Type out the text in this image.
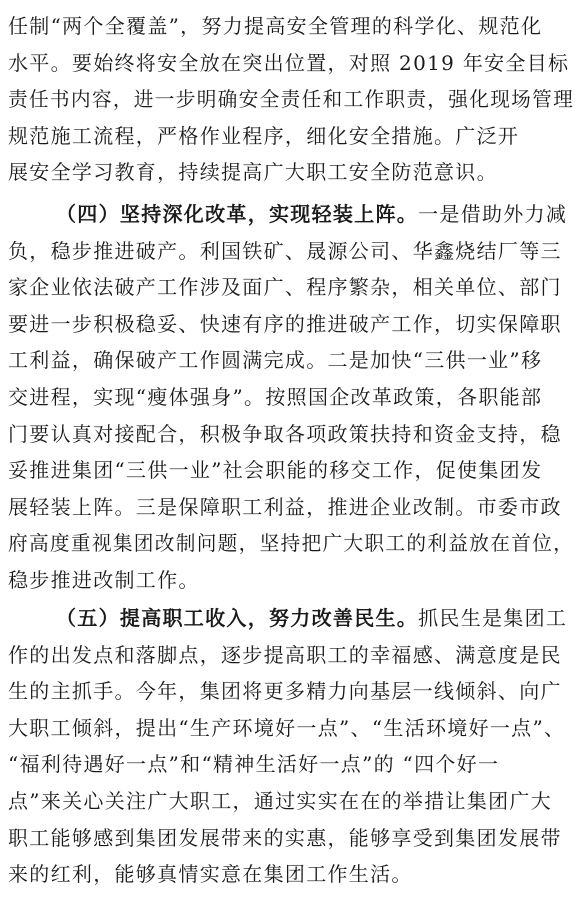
任制“两个全覆盖”，努力提高安全管理的科学化、规范化
水平。要始终将安全放在突出位置，对照 2019 年安全目标
责任书内容，进一步明确安全责任和工作职责，强化现场管理
规范施工流程，严格作业程序，细化安全措施。广泛开
展安全学习教育，持续提高广大职工安全防范意识。
（四）坚持深化改革，实现轻装上阵。一是借助外力减
负，稳步推进破产。利国铁矿、晟源公司、华鑫烧结厂等三
家企业依法破产工作涉及面广、程序繁杂，相关单位、部门
要进一步积极稳妥、快速有序的推进破产工作，切实保障职
工利益，确保破产工作圆满完成。二是加快“三供一业”移
交进程，实现“瘦体强身”。按照国企改革政策，各职能部
门要认真对接配合，积极争取各项政策扶持和资金支持，稳
妥推进集团“三供一业”社会职能的移交工作，促使集团发
展轻装上阵。三是保障职工利益，推进企业改制。市委市政
府高度重视集团改制问题，坚持把广大职工的利益放在首位，
稳步推进改制工作。
（五）提高职工收入，努力改善民生。抓民生是集团工
作的出发点和落脚点，逐步提高职工的幸福感、满意度是民
生的主抓手。今年，集团将更多精力向基层一线倾斜、向广
大职工倾斜，提出“生产环境好一点”、“生活环境好一点”、
“福利待遇好一点”和“精神生活好一点”的 “四个好一
点”来关心关注广大职工，通过实实在在的举措让集团广大
职工能够感到集团发展带来的实惠，能够享受到集团发展带
来的红利，能够真情实意在集团工作生活。
